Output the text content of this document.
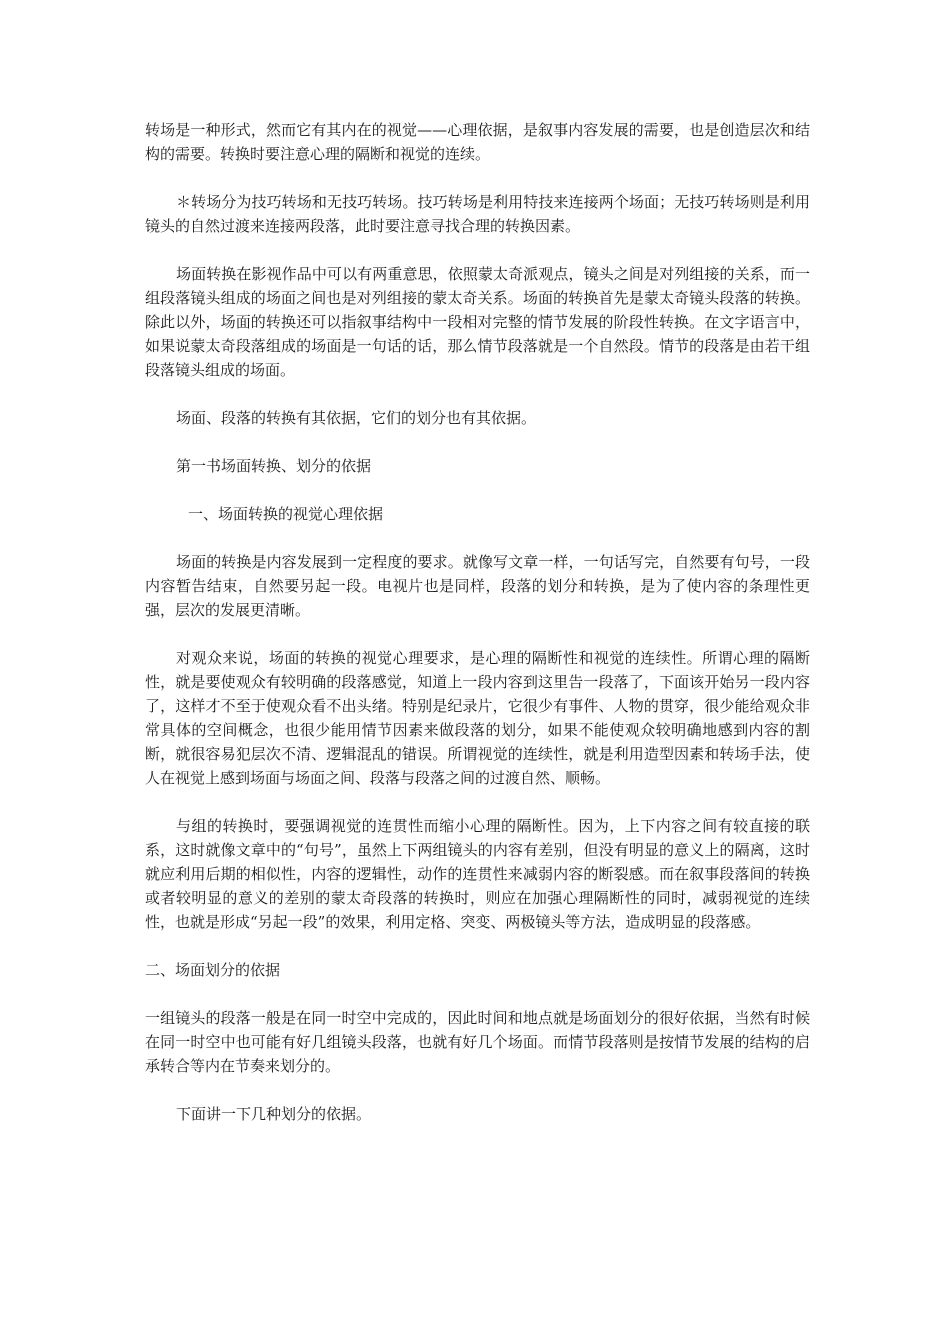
转场是一种形式，然而它有其内在的视觉——心理依据，是叙事内容发展的需要，也是创造层次和结构的需要。转换时要注意心理的隔断和视觉的连续。

＊转场分为技巧转场和无技巧转场。技巧转场是利用特技来连接两个场面；无技巧转场则是利用镜头的自然过渡来连接两段落，此时要注意寻找合理的转换因素。

场面转换在影视作品中可以有两重意思，依照蒙太奇派观点，镜头之间是对列组接的关系，而一组段落镜头组成的场面之间也是对列组接的蒙太奇关系。场面的转换首先是蒙太奇镜头段落的转换。除此以外，场面的转换还可以指叙事结构中一段相对完整的情节发展的阶段性转换。在文字语言中，如果说蒙太奇段落组成的场面是一句话的话，那么情节段落就是一个自然段。情节的段落是由若干组段落镜头组成的场面。

场面、段落的转换有其依据，它们的划分也有其依据。

第一书场面转换、划分的依据

一、场面转换的视觉心理依据

场面的转换是内容发展到一定程度的要求。就像写文章一样，一句话写完，自然要有句号，一段内容暂告结束，自然要另起一段。电视片也是同样，段落的划分和转换，是为了使内容的条理性更强，层次的发展更清晰。

对观众来说，场面的转换的视觉心理要求，是心理的隔断性和视觉的连续性。所谓心理的隔断性，就是要使观众有较明确的段落感觉，知道上一段内容到这里告一段落了，下面该开始另一段内容了，这样才不至于使观众看不出头绪。特别是纪录片，它很少有事件、人物的贯穿，很少能给观众非常具体的空间概念，也很少能用情节因素来做段落的划分，如果不能使观众较明确地感到内容的割断，就很容易犯层次不清、逻辑混乱的错误。所谓视觉的连续性，就是利用造型因素和转场手法，使人在视觉上感到场面与场面之间、段落与段落之间的过渡自然、顺畅。

与组的转换时，要强调视觉的连贯性而缩小心理的隔断性。因为，上下内容之间有较直接的联系，这时就像文章中的“句号”，虽然上下两组镜头的内容有差别，但没有明显的意义上的隔离，这时就应利用后期的相似性，内容的逻辑性，动作的连贯性来减弱内容的断裂感。而在叙事段落间的转换或者较明显的意义的差别的蒙太奇段落的转换时，则应在加强心理隔断性的同时，减弱视觉的连续性，也就是形成“另起一段”的效果，利用定格、突变、两极镜头等方法，造成明显的段落感。

二、场面划分的依据

一组镜头的段落一般是在同一时空中完成的，因此时间和地点就是场面划分的很好依据，当然有时候在同一时空中也可能有好几组镜头段落，也就有好几个场面。而情节段落则是按情节发展的结构的启承转合等内在节奏来划分的。

下面讲一下几种划分的依据。
